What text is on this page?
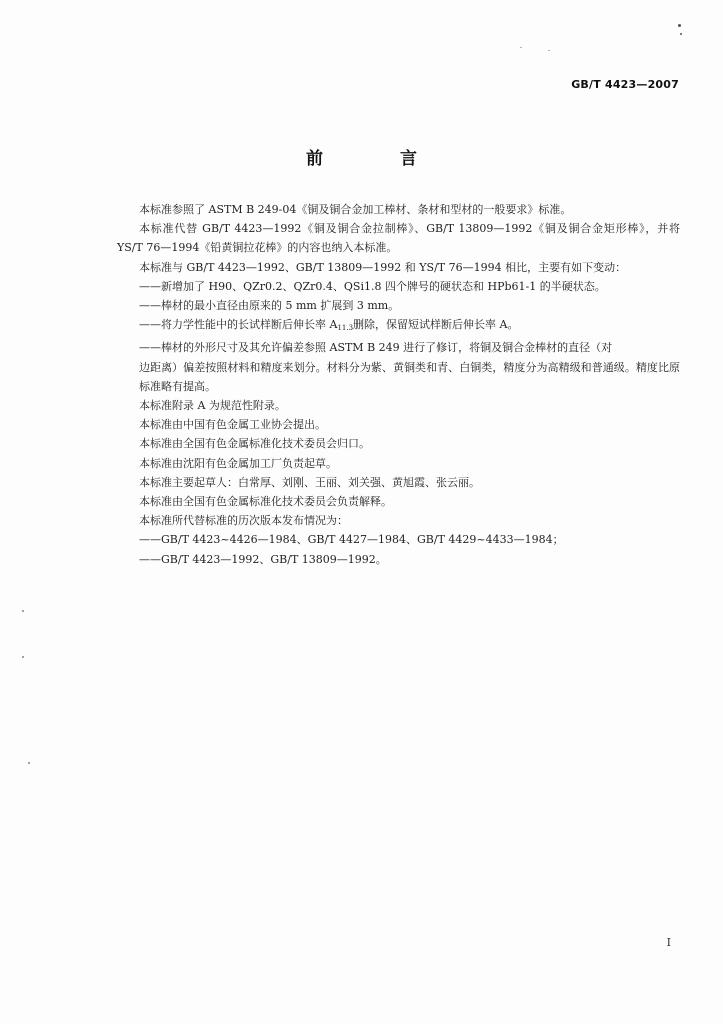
GB/T 4423—2007
前　言

本标准参照了 ASTM B 249-04《铜及铜合金加工棒材、条材和型材的一般要求》标准。

本标准代替 GB/T 4423—1992《铜及铜合金拉制棒》、GB/T 13809—1992《铜及铜合金矩形棒》，并将 YS/T 76—1994《铅黄铜拉花棒》的内容也纳入本标准。

本标准与 GB/T 4423—1992、GB/T 13809—1992 和 YS/T 76—1994 相比，主要有如下变动：

——新增加了 H90、QZr0.2、QZr0.4、QSi1.8 四个牌号的硬状态和 HPb61-1 的半硬状态。

——棒材的最小直径由原来的 5 mm 扩展到 3 mm。

——将力学性能中的长试样断后伸长率 $A_{11.3}$删除，保留短试样断后伸长率 A。

——棒材的外形尺寸及其允许偏差参照 ASTM B 249 进行了修订，将铜及铜合金棒材的直径（对

边距离）偏差按照材料和精度来划分。材料分为紫、黄铜类和青、白铜类，精度分为高精级和普通级。精度比原标准略有提高。

本标准附录 A 为规范性附录。

本标准由中国有色金属工业协会提出。

本标准由全国有色金属标准化技术委员会归口。

本标准由沈阳有色金属加工厂负责起草。

本标准主要起草人：白常厚、刘刚、王丽、刘关强、黄旭霞、张云丽。

本标准由全国有色金属标准化技术委员会负责解释。

本标准所代替标准的历次版本发布情况为：

——GB/T 4423~4426—1984、GB/T 4427—1984、GB/T 4429~4433—1984；

——GB/T 4423—1992、GB/T 13809—1992。

I
